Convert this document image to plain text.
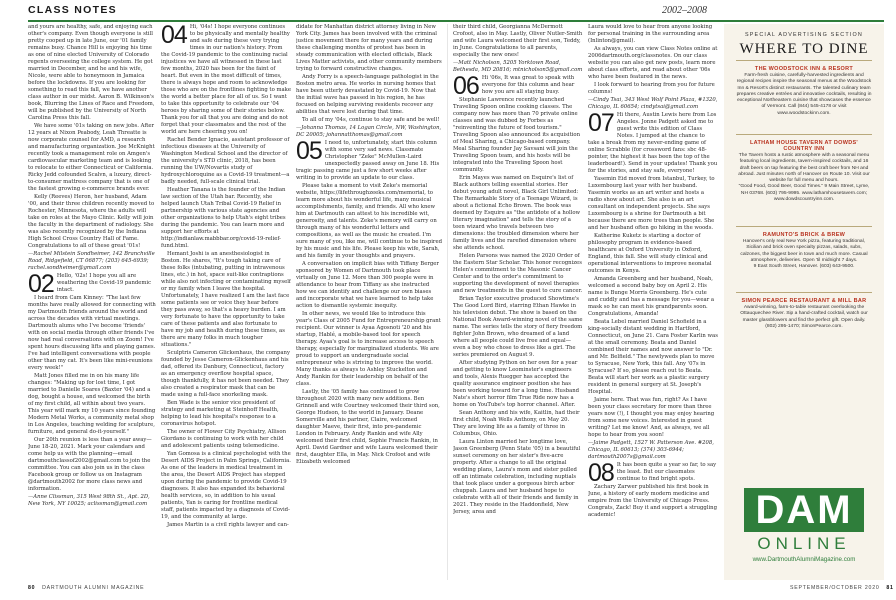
CLASS NOTES	2002–2008

and yours are healthy, safe, and enjoying each other's company. Even though everyone is still pretty cooped up in late June, our '01 family remains busy. Chance Hill is enjoying his time as one of nine elected University of Colorado regents overseeing the college system. He got married in December, and he and his wife, Nicole, were able to honeymoon in Jamaica before the lockdowns. If you are looking for something to read this fall, we have another class author in our midst. Aaron B. Wilkinson's book, Blurring the Lines of Race and Freedom, will be published by the University of North Carolina Press this fall.

We have some '01s taking on new jobs. After 12 years at Nixon Peabody, Leah Threatte is now corporate counsel for AMD, a research and manufacturing organization. Joe McKnight recently took a management role on Amgen's cardiovascular marketing team and is looking to relocate to either Connecticut or California. Ricky Jedd cofounded Scalvn, a luxury, direct-to-consumer mattress company that is one of the fastest growing e-commerce brands ever.

Kelly (Reeves) Heron, her husband, Adam '00, and their three children recently moved to Rochester, Minnesota, where the adults will take on roles at the Mayo Clinic. Kelly will join the faculty in the department of radiology. She was also recently recognized by the Indiana High School Cross Country Hall of Fame. Congratulations to all of these great '01s!

—Rachel Milstein Sondheimer, 142 Branchville Road, Ridgefield, CT 06877; (203) 645-6939; rachel.sondheimer@gmail.com

02 Hello, '02s! I hope you all are weathering the Covid-19 pandemic intact.

I heard from Cam Kinney: "The last few months have really allowed for connecting with my Dartmouth friends around the world and across the decades with virtual meetings. Dartmouth alums who I've become 'friends' with on social media through other friends I've now had real conversations with on Zoom! I've spent hours discussing lifts and playing games. I've had intelligent conversations with people other than my cat. It's been like mini-reunions every week!"

Matt Jones filled me in on his many life changes: "Making up for lost time, I got married to Danielle Soares (Baxter '04) and a dog, bought a house, and welcomed the birth of my first child, all within about two years. This year will mark my 10 years since founding Modern Metal Works, a community metal shop in Los Angeles, teaching welding for sculpture, furniture, and general do-it-yourself."

Our 20th reunion is less than a year away—June 18-20, 2021. Mark your calendars and come help us with the planning—email dartmouthclassof2002@gmail.com to join the committee. You can also join us in the class Facebook group or follow us on Instagram @dartmouth2002 for more class news and information.

—Anne Clissman, 315 West 98th St., Apt. 2D, New York, NY 10025; aclissman@gmail.com

04 Hi, '04s! I hope everyone continues to be physically and mentally healthy and safe during these very trying times in our nation's history. From the Covid-19 pandemic to the continuing racial injustices we have all witnessed in these last few months, 2020 has been for the faint of heart. But even in the most difficult of times, there is always hope and room to acknowledge those who are on the frontlines fighting to make the world a better place for all of us. So I want to take this opportunity to celebrate our '04 heroes by sharing some of their stories below. Thank you for all that you are doing and do not forget that your classmates and the rest of the world are here cheering you on!

Rachel Bender Ignacio, assistant professor of infectious diseases at the University of Washington Medical School and the director of the university's STD clinic, 2018, has been running the UW/Novartis study of hydroxychloroquine as a Covid-19 treatment—a badly needed, full-scale clinical trial.

Heather Tanana is the founder of the Indian law section of the Utah bar. Recently, she helped launch Utah Tribal Covid-19 Relief in partnership with various state agencies and other organizations to help Utah's eight tribes during the pandemic. You can learn more and support her efforts at http://indianlaw.mabbbar.org/covid-19-relief-fund.html.

Hemant Joshi is an anesthesiologist in Boston. He shares, "It's tough taking care of these folks (intubating, putting in intravenous lines, etc.) in hot, space suit-like contraptions while also not infecting or contaminating myself or my family when I leave the hospital. Unfortunately, I have realized I am the last face some patients see or voice they hear before they pass away, so that's a heavy burden. I am very fortunate to have the opportunity to take care of these patients and also fortunate to have my job and health during these times, as there are many folks in much tougher situations."

Sculptris Cameron Glickenhaus, the company founded by Jesse Cameron-Glickenhaus and his dad, offered its Danbury, Connecticut, factory as an emergency overflow hospital space, though thankfully, it has not been needed. They also created a respirator mask that can be made using a full-face snorkeling mask.

Ben Wade is the senior vice president of strategy and marketing at Steinhoff Health, helping to lead his hospital's response to a coronavirus hotspot.

The owner of Flower City Psychiatry, Allison Giordano is continuing to work with her child and adolescent patients using telemedicine.

Yan Gomosa is a clinical psychologist with the Desert AIDS Project in Palm Springs, California. As one of the leaders in medical treatment in the area, the Desert AIDS Project has stepped upon during the pandemic to provide Covid-19 diagnoses. It also has expanded its behavioral health services, so, in addition to his usual patients, Yan is caring for frontline medical staff, patients impacted by a diagnosis of Covid-19, and the community at large.

James Martin is a civil rights lawyer and can-

didate for Manhattan district attorney living in New York City. James has been involved with the criminal justice movement there for many years and during these challenging months of protest has been in steady communication with elected officials, Black Lives Matter activists, and other community members trying to forward constructive changes.

Andy Forry is a speech-language pathologist in the Boston metro area. He works in nursing homes that have been utterly devastated by Covid-19. Now that the initial wave has passed in his region, he has focused on helping surviving residents recover any abilities that were lost during that time.

To all of my '04s, continue to stay safe and be well!

—Johanna Thomas, 14 Logan Circle, NW, Washington, DC 20005; johannatthomas@gmail.com

05 I need to, unfortunately, start this column with some very sad news. Classmate Christopher "Zeke" McMullen-Laird unexpectedly passed away on June 18. His tragic passing came just a few short weeks after writing in to provide an update to our class.

Please take a moment to visit Zeke's memorial website, https://lifethroughzeeks.com/memorial, to learn more about his wonderful life, many musical accomplishments, family, and friends. All who knew him at Dartmouth can attest to his incredible wit, generosity, and talents. Zeke's memory will carry on through many of his wonderful letters and compositions, as well as the music he created. I'm sure many of you, like me, will continue to be inspired by his music and his life. Please keep his wife, Sarah, and his family in your thoughts and prayers.

A conversation on implicit bias with Tiffany Berger sponsored by Women of Dartmouth took place virtually on June 12. More than 300 people were in attendance to hear from Tiffany as she instructed how we can identify and challenge our own biases and incorporate what we have learned to help take action to dismantle systemic inequity.

In other news, we would like to introduce this year's Class of 2005 Fund for Entrepreneurship grant recipient. Our winner is Ayaa Agosnoti '20 and his startup, Hablé, a mobile-based tool for speech therapy. Ayaa's goal is to increase access to speech therapy, especially for marginalized students. We are proud to support an undergraduate social entrepreneur who is striving to improve the world. Many thanks as always to Ashley Stuckelton and Andy Rankin for their leadership on behalf of the class.

Lastly, the '05 family has continued to grow throughout 2020 with many new additions. Ben Grinnell and wife Courtney welcomed their third son, George Hudson, to the world in January. Deane Somerville and his partner, Claire, welcomed daughter Maeve, their first, into pre-pandemic London in February. Andy Rankin and wife Ally welcomed their first child, Sophie Francis Rankin, in April. David Gardner and wife Laura welcomed their first, daughter Ella, in May. Nick Crofoot and wife Elizabeth welcomed

their third child, Georgianna McDermott Crofoot, also in May. Lastly, Oliver Nutler-Smith and wife Laura welcomed their first son, Teddy, in June. Congratulations to all parents, especially the new ones!

—Matt Nicholson, 5205 Yorktown Road, Bethesda, MD 20816; mtnicholson5@gmail.com

06 Hi '06s, It was great to speak with everyone for this column and hear how you are all staying busy.

Stephanie Lawrence recently launched Traveling Spoon online cooking classes. The company now has more than 70 private online classes and was dubbed by Forbes as "reinventing the future of food tourism." Traveling Spoon also announced its acquisition of Meal Sharing, a Chicago-based company. Meal Sharing founder Jay Savsani will join the Traveling Spoon team, and his hosts will be integrated into the Traveling Spoon host community.

Erin Mayes was named on Esquire's list of Black authors telling essential stories. Her debut young adult novel, Black Girl Unlimited: The Remarkable Story of a Teenage Wizard, is about a fictional Echo Brown. The book was deemed by Esquire as "the antidote of a hollow literary imagination" and tells the story of a teen wizard who travels between two dimensions: the troubled dimension where her family lives and the rarefied dimension where she attends school.

Helen Parsons was named the 2020 Order of the Eastern Star Scholar. This honor recognizes Helen's commitment to the Masonic Cancer Center and to the order's commitment to supporting the development of novel therapies and new treatments in the quest to cure cancer.

Brian Taylor executive produced Showtime's The Good Lord Bird, starring Ethan Hawke in his television debut. The show is based on the National Book Award-winning novel of the same name. The series tells the story of fiery freedom fighter John Brown, who dreamed of a land where all people could live free and equal—even a boy who chose to dress like a girl. The series premiered on August 9.

After studying Python on her own for a year and getting to know Leominster's engineers and tools, Alexis Ruegger has accepted the quality assurance engineer position she has been working toward for a long time. Husband Nate's short horror film True Ride now has a home on YouTube's top horror channel. After.

Sean Anthony and his wife, Kaitlin, had their first child, Noah Wells Anthony, on May 20. They are loving life as a family of three in Columbus, Ohio.

Laura Linton married her longtime love, Jason Greenberg (Penn State '05) in a beautiful sunset ceremony on her sister's five-acre property. After a change to all the original wedding plans, Laura's mom and sister pulled off an intimate celebration, including nuptials that took place under a gorgeous birch arbor chuppah. Laura and her husband hope to celebrate with all of their friends and family in 2021. They reside in the Haddonfield, New Jersey, area and

Laura would love to hear from anyone looking for personal training in the surrounding area (Inlinton@gmail).

As always, you can view Class Notes online at 2006dartmouth.org/classnotes. On our class website you can also get new posts, learn more about class efforts, and read about other '06s who have been featured in the news.

I look forward to hearing from you for future columns!

—Cindy Tsai, 343 West Wolf Point Plaza, #1320, Chicago, IL 60654; cindytsai@gmail.com

07 Hi there, Austin Lewis here from Los Angeles. Jonne Padgett asked me to guest write this edition of Class Notes. I jumped at the chance to take a break from my never-ending game of online Scrabble (for crossword fans: sbc 48-pointer, the highest it has been the top of the leaderboard!). Send in your updates! Thank you for the stories, and stay safe, everyone!

Yasemin Eid moved from Istanbul, Turkey, to Luxembourg last year with her husband. Yasemin works as an art writer and hosts a radio show about art. She also is an art consultant on independent projects. She says Luxembourg is a shrine for Dartmouth a bit because there are more trees than people. She and her husband often go hiking in the woods.

Katherine Kuketz is starting a doctor of philosophy program in evidence-based healthcare at Oxford University in Oxford, England, this fall. She will study clinical and operational interventions to improve neonatal outcomes in Kenya.

Amanda Greenberg and her husband, Noah, welcomed a second baby boy on April 2. His name is Bunge Morris Greenberg. He's cute and cuddly and has a message for you—wear a mask so he can meet his grandparents soon. Congratulations, Amanda!

Beata Lebel married Daniel Schofield in a king-socially distant wedding in Hartford, Connecticut, on June 21. Cara Foster Karlin was at the small ceremony. Beata and Daniel combined their names and now answer to "Dr. and Mr. Belfield." The newlyweds plan to move to Syracuse, New York, this fall. Any '07s in Syracuse? If so, please reach out to Beata. Beata will start her work as a plastic surgery resident in general surgery at St. Joseph's Hospital.

Jaime here. That was fun, right? As I have been your class secretary for more than three years now (!), I thought you may enjoy hearing from some new voices. Interested in guest writing? Let me know! And, as always, we all hope to hear from you soon!

—Jaime Padgett, 1527 W. Patterson Ave. #208, Chicago, IL 60613; (374) 303-6944; dartmouth2007s@gmail.com

08 It has been quite a year so far, to say the least. But our classmates continue to find bright spots.

Zachary Zarwer published his first book in June, a history of early modern medicine and empire from the University of Chicago Press. Congrats, Zack! Buy it and support a struggling academic!

SPECIAL ADVERTISING SECTION
WHERE TO DINE
THE WOODSTOCK INN & RESORT
Farm-fresh cuisine, carefully-harvested ingredients and regional recipes inspire the seasonal menus at the Woodstock Inn & Resort's distinct restaurants. The talented culinary team prepares creative entrées and innovative cocktails, resulting in exceptional Northeastern cuisine that showcases the essence of Vermont. Call (844) 545-4178 or visit www.woodstockinn.com.
LATHAM HOUSE TAVERN AT DOWDS' COUNTRY INN
The Tavern hosts a rustic atmosphere with a seasonal menu featuring local ingredients, tavern-inspired cocktails, and 16 draft beers on tap featuring the best craft beer from NH and abroad. Just minutes north of Hanover on Route 10. Visit our website for full menu and hours.
"Good Food, Good Beer, Good Times." 9 Main Street, Lyme, NH 03768. (603) 795-9995. www.lathamhousetavern.com; www.dowdscountryinn.com.
RAMUNTO'S BRICK & BREW
Hanover's only real New York pizza, featuring traditional, Sicilian and brick oven specialty pizzas, salads, subs, calzones, the biggest beer in town and much more. Casual atmosphere, deliveries. Open 'til midnight 7 days.
9 East South Street, Hanover. (603) 643-9500.
SIMON PEARCE RESTAURANT & MILL BAR
Award-winning, farm-to-table restaurant overlooking the Ottauquechee River. Sip a hand-crafted cocktail, watch our master glassblowers and find the perfect gift. Open daily.
(802) 295-1470; SimonPearce.com.
DAM
ONLINE
www.DartmouthAlumniMagazine.com
80 DARTMOUTH ALUMNI MAGAZINE	SEPTEMBER/OCTOBER 2020 81
